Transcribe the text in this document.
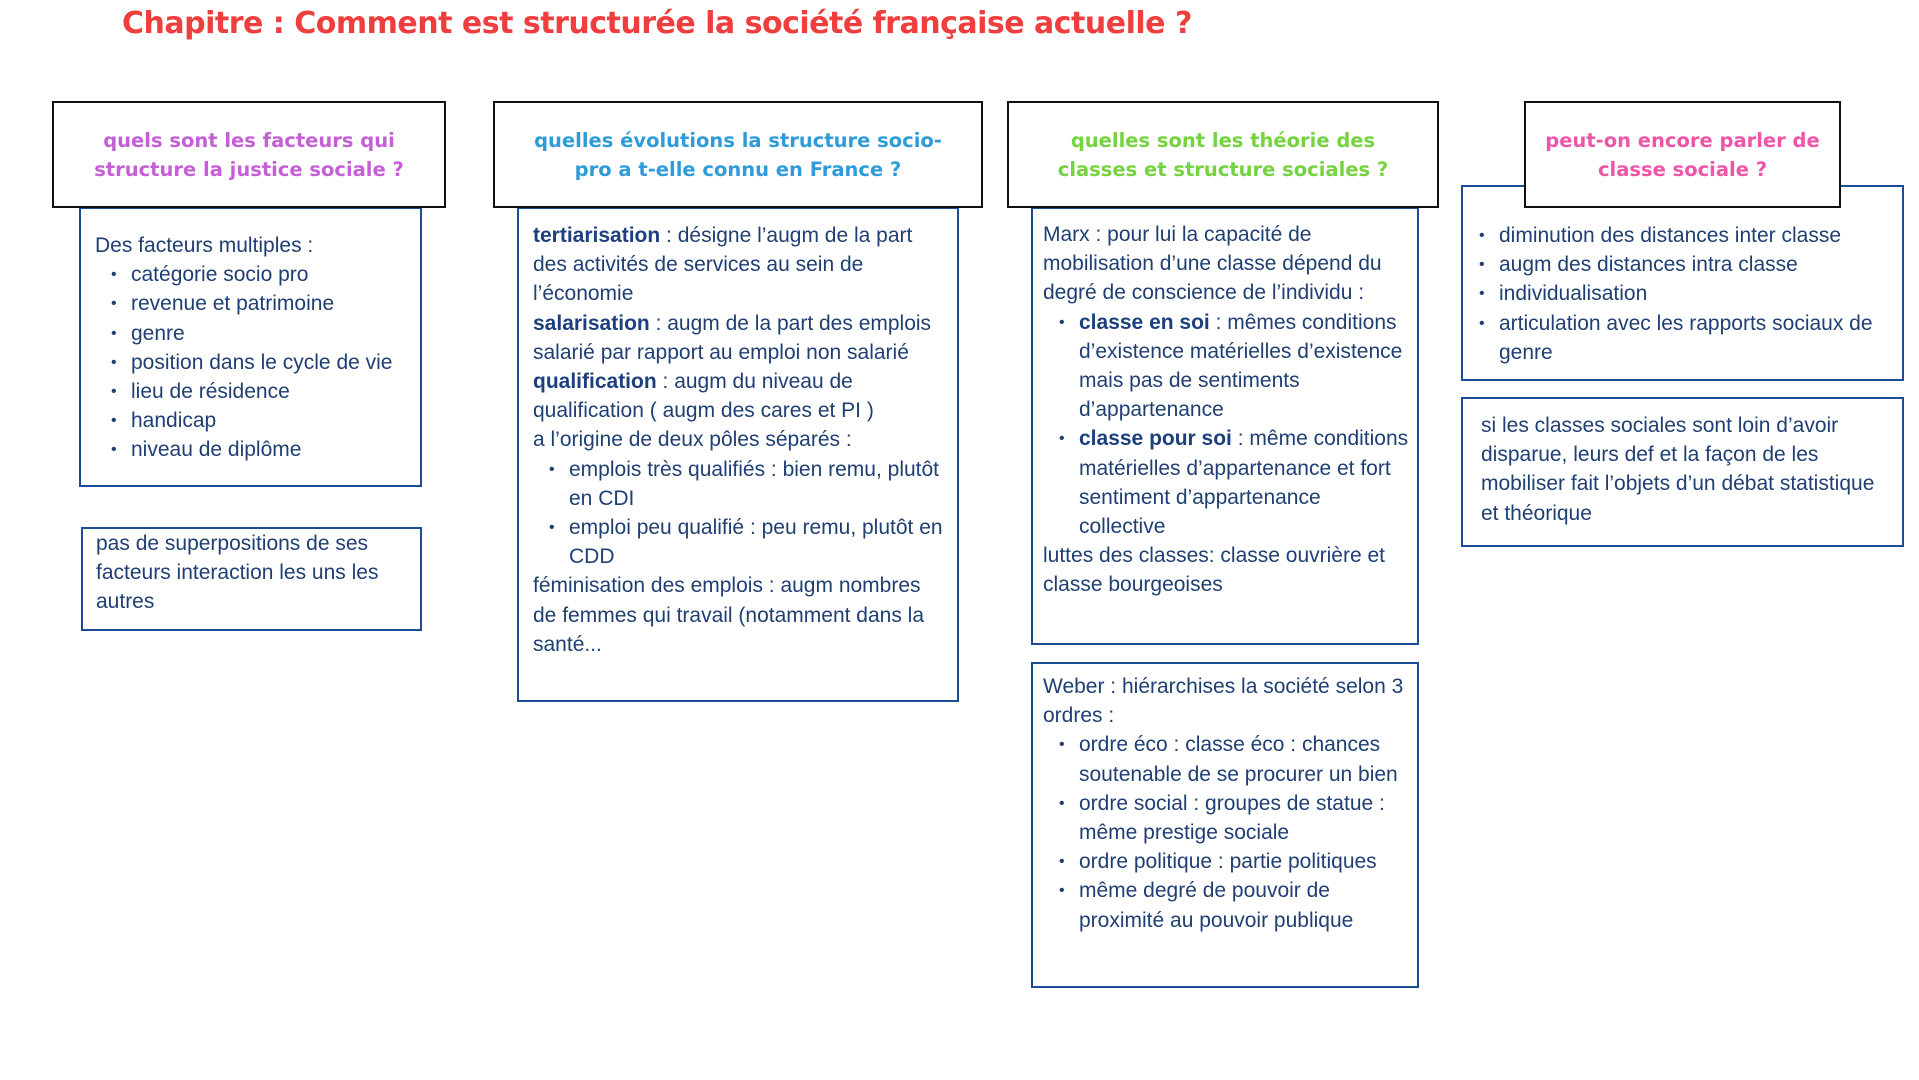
Chapitre : Comment est structurée la société française actuelle ?
quels sont les facteurs qui structure la justice sociale ?

Des facteurs multiples :

• catégorie socio pro
• revenue et patrimoine
• genre
• position dans le cycle de vie
• lieu de résidence
• handicap
• niveau de diplôme

pas de superpositions de ses facteurs interaction les uns les autres

quelles évolutions la structure socio-pro a t-elle connu en France ?

tertiarisation : désigne l’augm de la part des activités de services au sein de l’économie

salarisation : augm de la part des emplois salarié par rapport au emploi non salarié

qualification : augm du niveau de qualification ( augm des cares et PI )

a l’origine de deux pôles séparés :

• emplois très qualifiés : bien remu, plutôt en CDI
• emploi peu qualifié : peu remu, plutôt en CDD

féminisation des emplois : augm nombres de femmes qui travail (notamment dans la santé...

quelles sont les théorie des classes et structure sociales ?

Marx : pour lui la capacité de mobilisation d’une classe dépend du degré de conscience de l’individu :

• classe en soi : mêmes conditions d’existence matérielles d’existence mais pas de sentiments d’appartenance
• classe pour soi : même conditions matérielles d’appartenance et fort sentiment d’appartenance collective

luttes des classes: classe ouvrière et classe bourgeoises

Weber : hiérarchises la société selon 3 ordres :

• ordre éco : classe éco : chances soutenable de se procurer un bien
• ordre social : groupes de statue : même prestige sociale
• ordre politique : partie politiques
• même degré de pouvoir de proximité au pouvoir publique
• diminution des distances inter classe
• augm des distances intra classe
• individualisation
• articulation avec les rapports sociaux de genre
peut-on encore parler de classe sociale ?

si les classes sociales sont loin d’avoir disparue, leurs def et la façon de les mobiliser fait l’objets d’un débat statistique et théorique
